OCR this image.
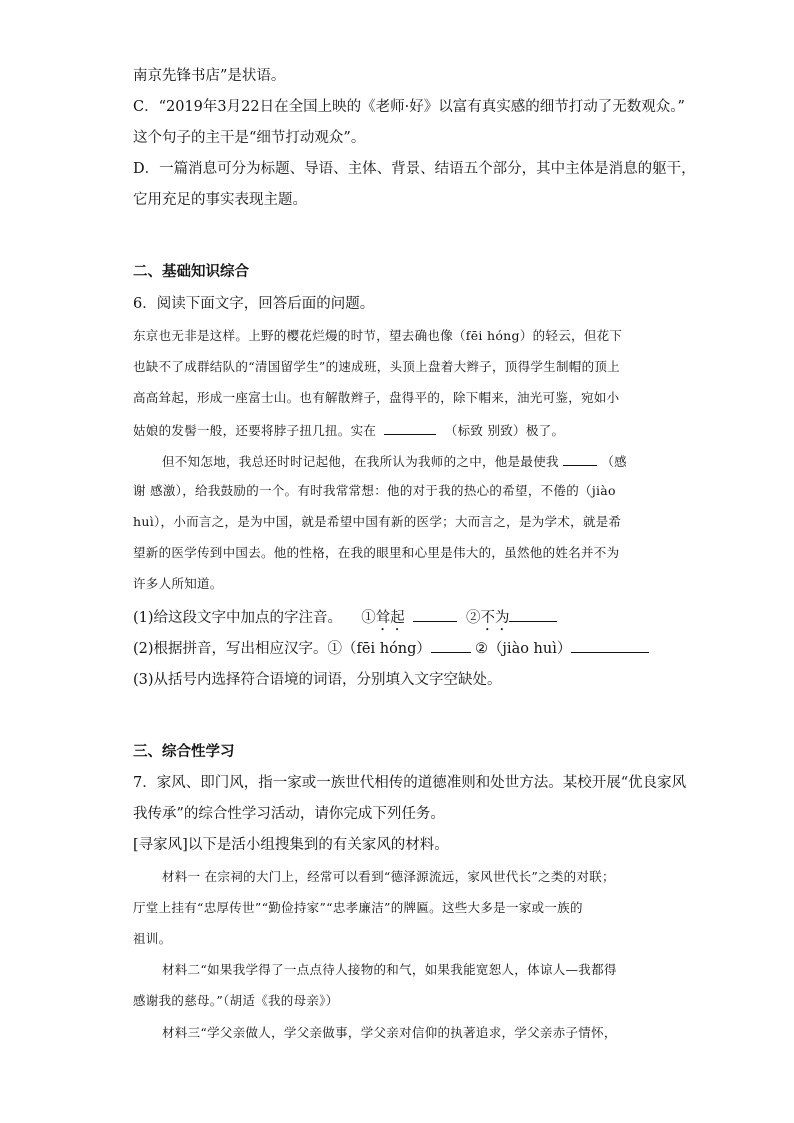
南京先锋书店”是状语。
C．“2019年3月22日在全国上映的《老师·好》以富有真实感的细节打动了无数观众。”
这个句子的主干是“细节打动观众”。
D．一篇消息可分为标题、导语、主体、背景、结语五个部分，其中主体是消息的躯干，
它用充足的事实表现主题。
二、基础知识综合
6．阅读下面文字，回答后面的问题。
东京也无非是这样。上野的樱花烂熳的时节，望去确也像（fēi hóng）的轻云，但花下
也缺不了成群结队的“清国留学生”的速成班，头顶上盘着大辫子，顶得学生制帽的顶上
高高耸起，形成一座富士山。也有解散辫子，盘得平的，除下帽来，油光可鉴，宛如小
姑娘的发髻一般，还要将脖子扭几扭。实在	（标致 别致）极了。
但不知怎地，我总还时时记起他，在我所认为我师的之中，他是最使我	（感
谢 感激），给我鼓励的一个。有时我常常想：他的对于我的热心的希望，不倦的（jiào
huì），小而言之，是为中国，就是希望中国有新的医学；大而言之，是为学术，就是希
望新的医学传到中国去。他的性格，在我的眼里和心里是伟大的，虽然他的姓名并不为
许多人所知道。
(1)给这段文字中加点的字注音。 ①耸起	②不为
(2)根据拼音，写出相应汉字。①（fēi hóng）	②（jiào huì）
(3)从括号内选择符合语境的词语，分别填入文字空缺处。
三、综合性学习
7．家风、即门风，指一家或一族世代相传的道德准则和处世方法。某校开展“优良家风
我传承”的综合性学习活动，请你完成下列任务。
[寻家风]以下是活小组搜集到的有关家风的材料。
材料一 在宗祠的大门上，经常可以看到“德泽源流远，家风世代长”之类的对联；
厅堂上挂有“忠厚传世”“勤俭持家”“忠孝廉洁”的牌匾。这些大多是一家或一族的
祖训。
材料二“如果我学得了一点点待人接物的和气，如果我能宽恕人，体谅人—我都得
感谢我的慈母。”（胡适《我的母亲》）
材料三“学父亲做人，学父亲做事，学父亲对信仰的执著追求，学父亲赤子情怀，
